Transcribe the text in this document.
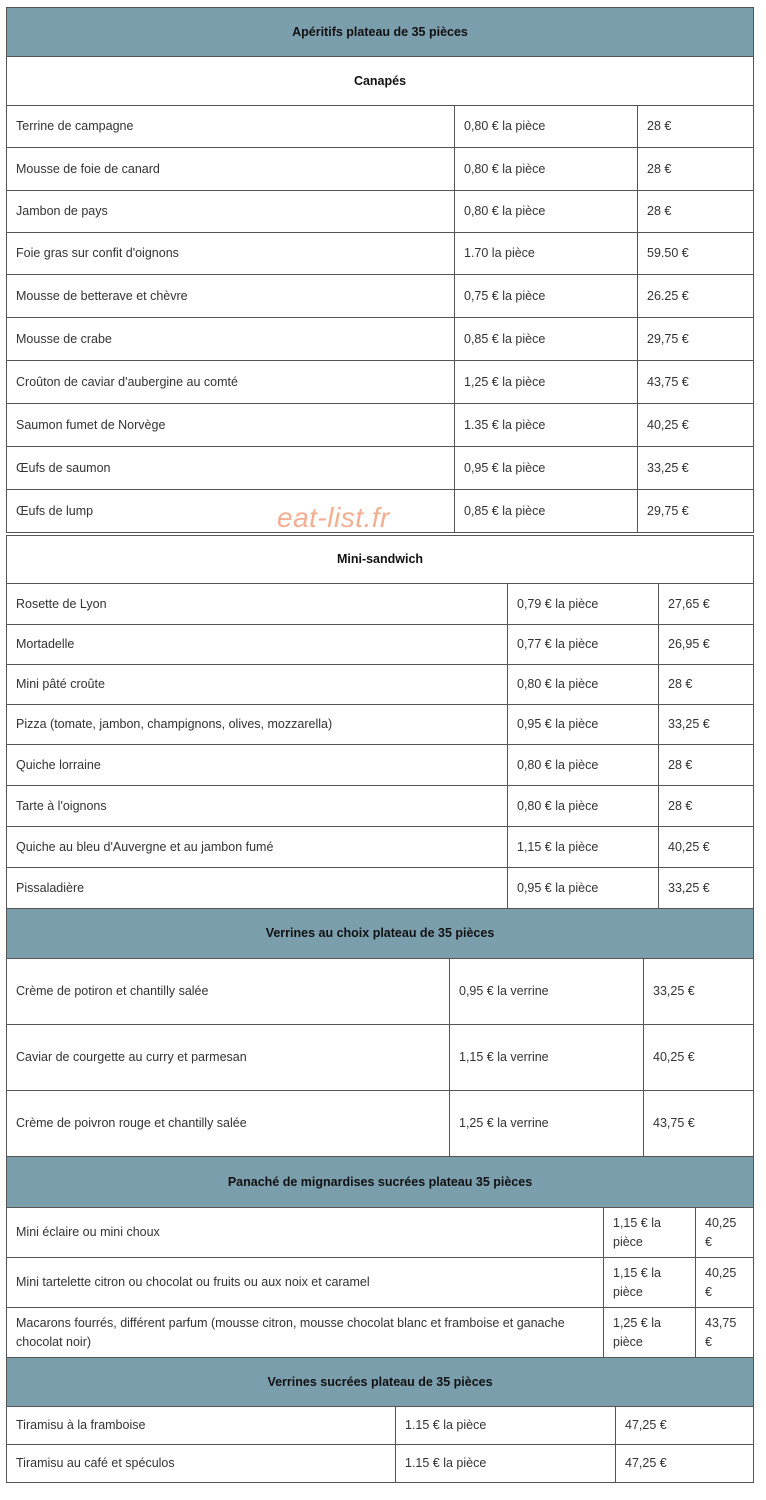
Apéritifs plateau de 35 pièces		
Canapés		
Terrine de campagne	0,80 € la pièce	28 €
Mousse de foie de canard	0,80 € la pièce	28 €
Jambon de pays	0,80 € la pièce	28 €
Foie gras sur confit d'oignons	1.70 la pièce	59.50 €
Mousse de betterave et chèvre	0,75 € la pièce	26.25 €
Mousse de crabe	0,85 € la pièce	29,75 €
Croûton de caviar d'aubergine au comté	1,25 € la pièce	43,75 €
Saumon fumet de Norvège	1.35 € la pièce	40,25 €
Œufs de saumon	0,95 € la pièce	33,25 €
Œufs de lump	0,85 € la pièce	29,75 €
Mini-sandwich		
Rosette de Lyon	0,79 € la pièce	27,65 €
Mortadelle	0,77 € la pièce	26,95 €
Mini pâté croûte	0,80 € la pièce	28 €
Pizza (tomate, jambon, champignons, olives, mozzarella)	0,95 € la pièce	33,25 €
Quiche lorraine	0,80 € la pièce	28 €
Tarte à l'oignons	0,80 € la pièce	28 €
Quiche au bleu d'Auvergne et au jambon fumé	1,15 € la pièce	40,25 €
Pissaladière	0,95 € la pièce	33,25 €
Verrines au choix plateau de 35 pièces		
Crème de potiron et chantilly salée	0,95 € la verrine	33,25 €
Caviar de courgette au curry et parmesan	1,15 € la verrine	40,25 €
Crème de poivron rouge et chantilly salée	1,25 € la verrine	43,75 €
Panaché de mignardises sucrées plateau 35 pièces		
Mini éclaire ou mini choux	1,15 € la pièce	40,25 €
Mini tartelette citron ou chocolat ou fruits ou aux noix et caramel	1,15 € la pièce	40,25 €
Macarons fourrés, différent parfum (mousse citron, mousse chocolat blanc et framboise et ganache chocolat noir)	1,25 € la pièce	43,75 €
Verrines sucrées plateau de 35 pièces		
Tiramisu à la framboise	1.15 € la pièce	47,25 €
Tiramisu au café et spéculos	1.15 € la pièce	47,25 €
eat-list.fr
